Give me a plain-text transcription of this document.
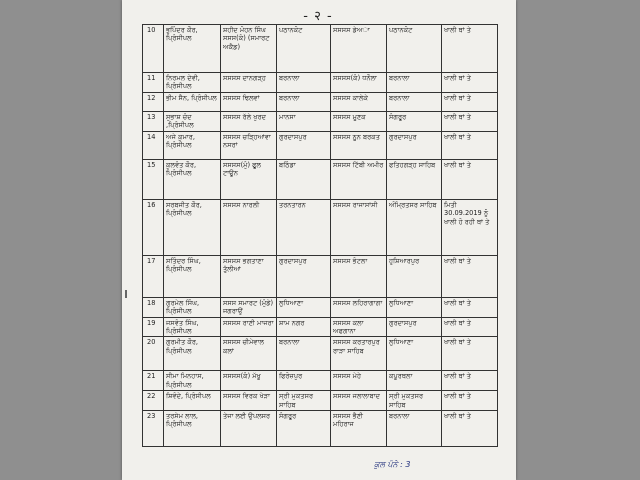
- २ -
10	ਭੁਪਿੰਦਰ ਕੌਰ, ਪ੍ਰਿੰਸੀਪਲ	ਸ਼ਹੀਦ ਮੋਹਨ ਸਿੰਘ ਸਸਸ(ਕੰ) (ਸਮਾਰਟ ਅਕੈਡ)	ਪਠਾਨਕੋਟ	ਸਸਸਸ ਡੇਅਾ	ਪਠਾਨਕੋਟ	ਖਾਲੀ ਥਾਂ ਤੇ
11	ਨਿਰਮਲ ਦੇਵੀ, ਪ੍ਰਿੰਸੀਪਲ	ਸਸਸਸ ਦਾਨਗੜ੍ਹ	ਬਰਨਾਲਾ	ਸਸਸਸ(ਕੰ) ਧਨੌਲਾ	ਬਰਨਾਲਾ	ਖਾਲੀ ਥਾਂ ਤੇ
12	ਭੀਮ ਸੈਨ, ਪ੍ਰਿੰਸੀਪਲ	ਸਸਸਸ ਢਿਲਵਾਂ	ਬਰਨਾਲਾ	ਸਸਸਸ ਕਾਲੇਕੇ	ਬਰਨਾਲਾ	ਖਾਲੀ ਥਾਂ ਤੇ
13	ਸੁਭਾਸ਼ ਚੰਦ ,ਪ੍ਰਿੰਸੀਪਲ	ਸਸਸਸ ਰੱਲੇ ਖੁਰਦ	ਮਾਨਸਾ	ਸਸਸਸ ਮੂਣਕ	ਸੰਗਰੂਰ	ਖਾਲੀ ਥਾਂ ਤੇ
14	ਅਜੇ ਕੁਮਾਰ, ਪ੍ਰਿੰਸੀਪਲ	ਸਸਸਸ ਚੜ੍ਹਿਆਂਵਾ ਨਸਰਾਂ	ਗੁਰਦਾਸਪੁਰ	ਸਸਸਸ ਨੂਨ ਬਰਕਤ	ਗੁਰਦਾਸਪੁਰ	ਖਾਲੀ ਥਾਂ ਤੇ
15	ਕੁਲਵੰਤ ਕੌਰ, ਪ੍ਰਿੰਸੀਪਲ	ਸਸਸਸ(ਮੁੰ) ਫੂਲ ਟਾਊਨ	ਬਠਿੰਡਾ	ਸਸਸਸ ਟਿੱਬੀ ਅਮੀਰ	ਫਤਿਹਗੜ੍ਹ ਸਾਹਿਬ	ਖਾਲੀ ਥਾਂ ਤੇ
16	ਸਰਬਜੀਤ ਕੌਰ, ਪ੍ਰਿੰਸੀਪਲ	ਸਸਸਸ ਨਾਰਲੀ	ਤਰਨਤਾਰਨ	ਸਸਸਸ ਰਾਜਾਸਾਂਸੀ	ਅੰਮ੍ਰਿਤਸਰ ਸਾਹਿਬ	ਮਿਤੀ 30.09.2019 ਨੂੰ ਖਾਲੀ ਹੋ ਰਹੀ ਥਾਂ ਤੇ
17	ਸਤਿੰਦਰ ਸਿੰਘ, ਪ੍ਰਿੰਸੀਪਲ	ਸਸਸਸ ਭਗਤਾਣਾ ਤੁੱਲੀਆਂ	ਗੁਰਦਾਸਪੁਰ	ਸਸਸਸ ਭੰਟਲਾ	ਹੁਸ਼ਿਆਰਪੁਰ	ਖਾਲੀ ਥਾਂ ਤੇ
18	ਗੁਰਮੇਲ ਸਿੰਘ, ਪ੍ਰਿੰਸੀਪਲ	ਸਸਸ ਸਮਾਰਟ (ਮੁੰਡੇ) ਜਗਰਾਉਂ	ਲੁਧਿਆਣਾ	ਸਸਸਸ ਲਹਿਰਾਗਾਗਾ	ਲੁਧਿਆਣਾ	ਖਾਲੀ ਥਾਂ ਤੇ
19	ਜਸਵੰਤ ਸਿੰਘ, ਪ੍ਰਿੰਸੀਪਲ	ਸਸਸਸ ਰਾਣੀ ਮਾਜਰਾ	ਸ਼ਾਮ ਨਗਰ	ਸਸਸਸ ਕਲਾ ਅਫਗਾਨਾ	ਗੁਰਦਾਸਪੁਰ	ਖਾਲੀ ਥਾਂ ਤੇ
20	ਗੁਰਮੀਤ ਕੌਰ, ਪ੍ਰਿੰਸੀਪਲ	ਸਸਸਸ ਚੀਮੇਵਾਲ ਕਲਾਂ	ਬਰਨਾਲਾ	ਸਸਸਸ ਕਰਤਾਰਪੁਰ ਰਾੜਾ ਸਾਹਿਬ	ਲੁਧਿਆਣਾ	ਖਾਲੀ ਥਾਂ ਤੇ
21	ਸੀਮਾ ਮਿਨਹਾਸ, ਪ੍ਰਿੰਸੀਪਲ	ਸਸਸਸ(ਕੰ) ਮੱਖੂ	ਫਿਰੋਜ਼ਪੁਰ	ਸਸਸਸ ਮੇਹੇ	ਕਪੂਰਥਲਾ	ਖਾਲੀ ਥਾਂ ਤੇ
22	ਸ਼ਿਵੰਦੇ, ਪ੍ਰਿੰਸੀਪਲ	ਸਸਸਸ ਵਿਰਕ ਖੇੜਾ	ਸ੍ਰੀ ਮੁਕਤਸਰ ਸਾਹਿਬ	ਸਸਸਸ ਜਲਾਲਾਬਾਦ	ਸ੍ਰੀ ਮੁਕਤਸਰ ਸਾਹਿਬ	ਖਾਲੀ ਥਾਂ ਤੇ
23	ਤਰਸੇਮ ਲਾਲ, ਪ੍ਰਿੰਸੀਪਲ	ਤੇਜਾ ਲਈ ਉਪਲਸਰ	ਸੰਗਰੂਰ	ਸਸਸਸ ਭੈਣੀ ਮਹਿਰਾਜ	ਬਰਨਾਲਾ	ਖਾਲੀ ਥਾਂ ਤੇ
ਕੁਲ ਪੰਨੇ : 3
